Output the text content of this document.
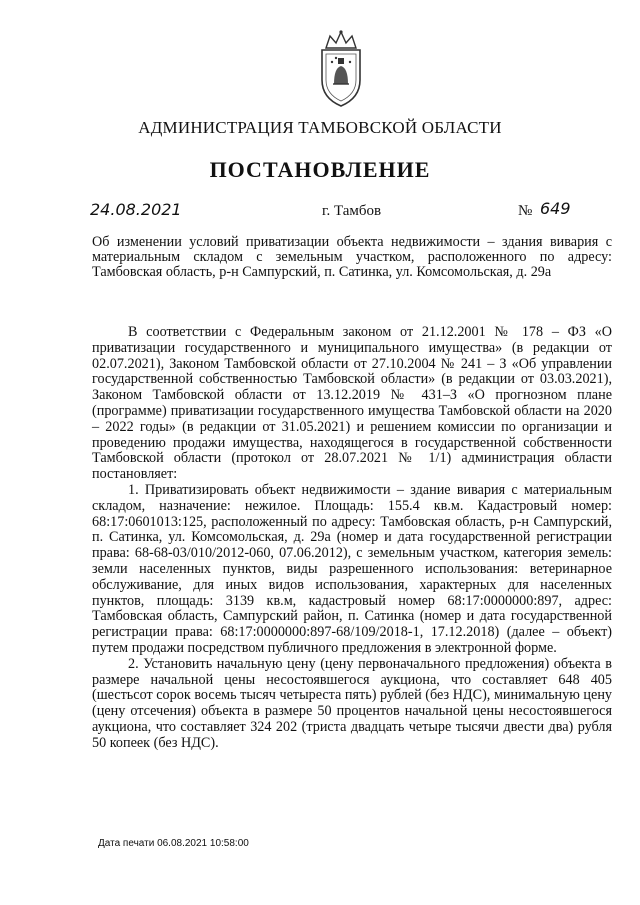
АДМИНИСТРАЦИЯ ТАМБОВСКОЙ ОБЛАСТИ
ПОСТАНОВЛЕНИЕ
24.08.2021	г. Тамбов	№ 649
Об изменении условий приватизации объекта недвижимости – здания вивария с материальным складом с земельным участком, расположенного по адресу: Тамбовская область, р-н Сампурский, п. Сатинка, ул. Комсомольская, д. 29а

В соответствии с Федеральным законом от 21.12.2001 № 178 – ФЗ «О приватизации государственного и муниципального имущества» (в редакции от 02.07.2021), Законом Тамбовской области от 27.10.2004 № 241 – З «Об управлении государственной собственностью Тамбовской области» (в редакции от 03.03.2021), Законом Тамбовской области от 13.12.2019 № 431–З «О прогнозном плане (программе) приватизации государственного имущества Тамбовской области на 2020 – 2022 годы» (в редакции от 31.05.2021) и решением комиссии по организации и проведению продажи имущества, находящегося в государственной собственности Тамбовской области (протокол от 28.07.2021 № 1/1) администрация области постановляет:

1. Приватизировать объект недвижимости – здание вивария с материальным складом, назначение: нежилое. Площадь: 155.4 кв.м. Кадастровый номер: 68:17:0601013:125, расположенный по адресу: Тамбовская область, р-н Сампурский, п. Сатинка, ул. Комсомольская, д. 29а (номер и дата государственной регистрации права: 68-68-03/010/2012-060, 07.06.2012), с земельным участком, категория земель: земли населенных пунктов, виды разрешенного использования: ветеринарное обслуживание, для иных видов использования, характерных для населенных пунктов, площадь: 3139 кв.м, кадастровый номер 68:17:0000000:897, адрес: Тамбовская область, Сампурский район, п. Сатинка (номер и дата государственной регистрации права: 68:17:0000000:897-68/109/2018-1, 17.12.2018) (далее – объект) путем продажи посредством публичного предложения в электронной форме.

2. Установить начальную цену (цену первоначального предложения) объекта в размере начальной цены несостоявшегося аукциона, что составляет 648 405 (шестьсот сорок восемь тысяч четыреста пять) рублей (без НДС), минимальную цену (цену отсечения) объекта в размере 50 процентов начальной цены несостоявшегося аукциона, что составляет 324 202 (триста двадцать четыре тысячи двести два) рубля 50 копеек (без НДС).

Дата печати 06.08.2021 10:58:00
